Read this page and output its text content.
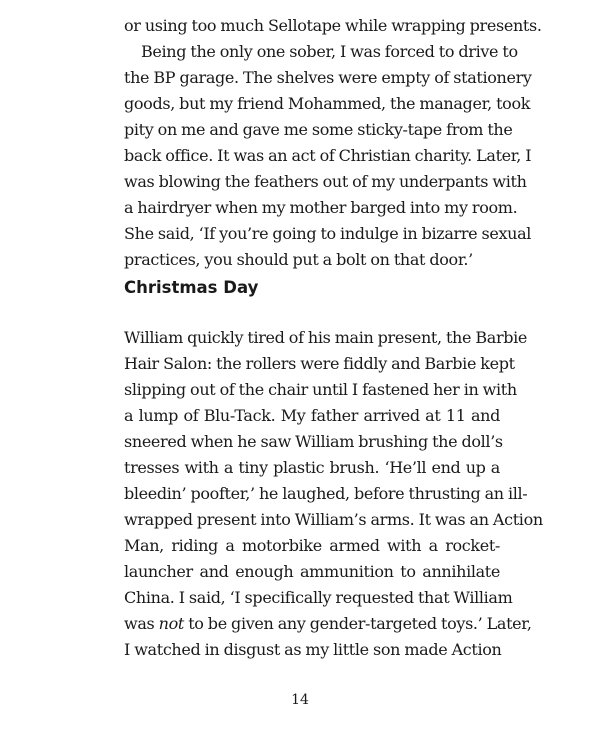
or using too much Sellotape while wrapping presents.
Being the only one sober, I was forced to drive to
the BP garage. The shelves were empty of stationery
goods, but my friend Mohammed, the manager, took
pity on me and gave me some sticky-tape from the
back office. It was an act of Christian charity. Later, I
was blowing the feathers out of my underpants with
a hairdryer when my mother barged into my room.
She said, ‘If you’re going to indulge in bizarre sexual
practices, you should put a bolt on that door.’
Christmas Day
William quickly tired of his main present, the Barbie
Hair Salon: the rollers were fiddly and Barbie kept
slipping out of the chair until I fastened her in with
a lump of Blu-Tack. My father arrived at 11 and
sneered when he saw William brushing the doll’s
tresses with a tiny plastic brush. ‘He’ll end up a
bleedin’ poofter,’ he laughed, before thrusting an ill-
wrapped present into William’s arms. It was an Action
Man, riding a motorbike armed with a rocket-
launcher and enough ammunition to annihilate
China. I said, ‘I specifically requested that William
was not to be given any gender-targeted toys.’ Later,
I watched in disgust as my little son made Action
14
